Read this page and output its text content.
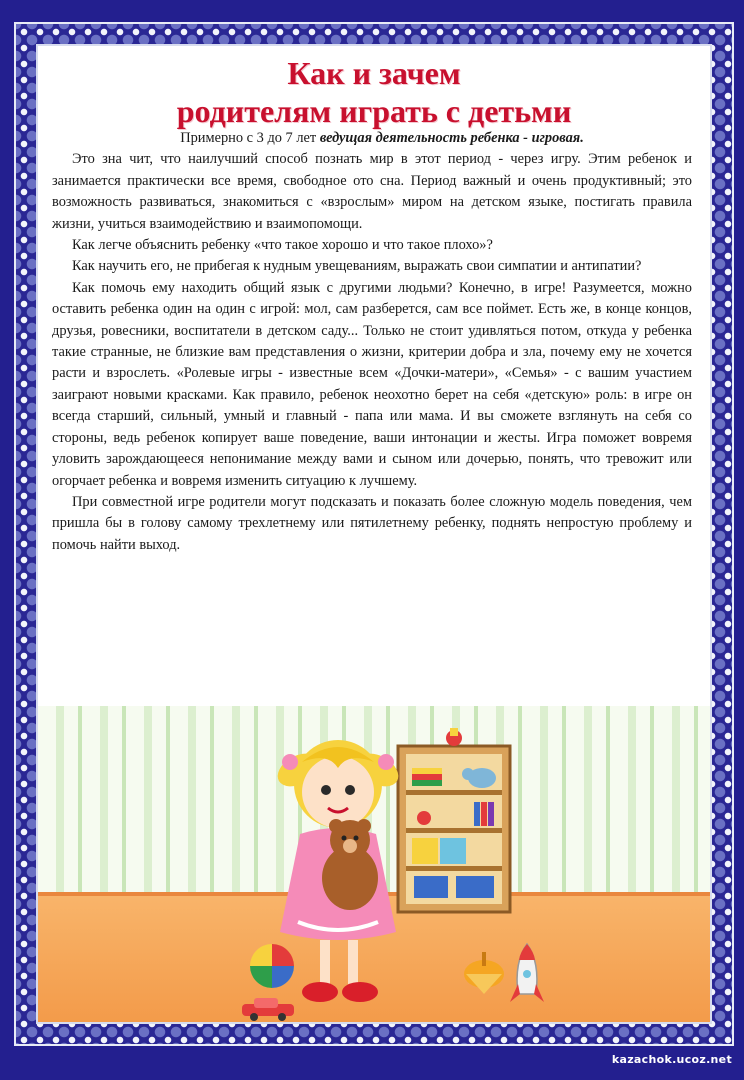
Как и зачем
родителям играть с детьми

Примерно с 3 до 7 лет ведущая деятельность ребенка - игровая.

Это зна чит, что наилучший способ познать мир в этот период - через игру. Этим ребенок и занимается практически все время, свободное ото сна. Период важный и очень продуктивный; это возможность развиваться, знакомиться с «взрослым» миром на детском языке, постигать правила жизни, учиться взаимодействию и взаимопомощи.

Как легче объяснить ребенку «что такое хорошо и что такое плохо»?

Как научить его, не прибегая к нудным увещеваниям, выражать свои симпатии и антипатии?

Как помочь ему находить общий язык с другими людьми? Конечно, в игре! Разумеется, можно оставить ребенка один на один с игрой: мол, сам разберется, сам все поймет. Есть же, в конце концов, друзья, ровесники, воспитатели в детском саду... Только не стоит удивляться потом, откуда у ребенка такие странные, не близкие вам представления о жизни, критерии добра и зла, почему ему не хочется расти и взрослеть. «Ролевые игры - известные всем «Дочки-матери», «Семья» - с вашим участием заиграют новыми красками. Как правило, ребенок неохотно берет на себя «детскую» роль: в игре он всегда старший, сильный, умный и главный - папа или мама. И вы сможете взглянуть на себя со стороны, ведь ребенок копирует ваше поведение, ваши интонации и жесты. Игра поможет вовремя уловить зарождающееся непонимание между вами и сыном или дочерью, понять, что тревожит или огорчает ребенка и вовремя изменить ситуацию к лучшему.

При совместной игре родители могут подсказать и показать более сложную модель поведения, чем пришла бы в голову самому трехлетнему или пятилетнему ребенку, поднять непростую проблему и помочь найти выход.

kazachok.ucoz.net
